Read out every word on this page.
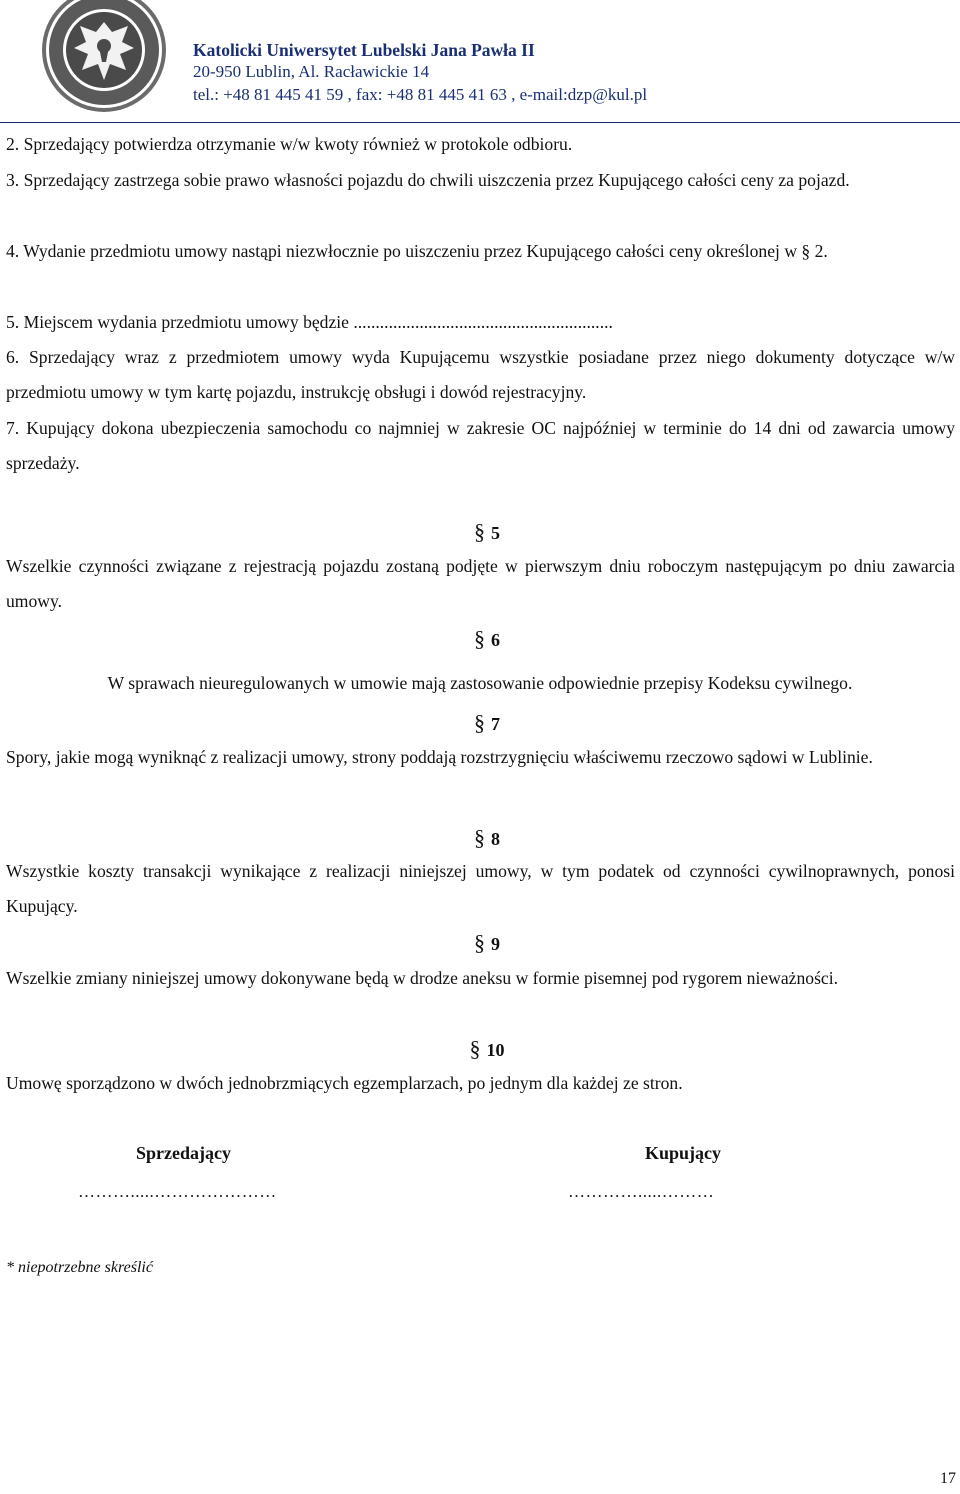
Katolicki Uniwersytet Lubelski Jana Pawła II
20-950 Lublin, Al. Racławickie 14
tel.: +48 81 445 41 59 , fax: +48 81 445 41 63 , e-mail:dzp@kul.pl
2. Sprzedający potwierdza otrzymanie w/w kwoty również w protokole odbioru.
3. Sprzedający zastrzega sobie prawo własności pojazdu do chwili uiszczenia przez Kupującego całości ceny za pojazd.
4. Wydanie przedmiotu umowy nastąpi niezwłocznie po uiszczeniu przez Kupującego całości ceny określonej w § 2.
5. Miejscem wydania przedmiotu umowy będzie ...........................................................
6. Sprzedający wraz z przedmiotem umowy wyda Kupującemu wszystkie posiadane przez niego dokumenty dotyczące w/w przedmiotu umowy w tym kartę pojazdu, instrukcję obsługi i dowód rejestracyjny.
7. Kupujący dokona ubezpieczenia samochodu co najmniej w zakresie OC najpóźniej w terminie do 14 dni od zawarcia umowy sprzedaży.
§ 5
Wszelkie czynności związane z rejestracją pojazdu zostaną podjęte w pierwszym dniu roboczym następującym po dniu zawarcia umowy.
§ 6
W sprawach nieuregulowanych w umowie mają zastosowanie odpowiednie przepisy Kodeksu cywilnego.
§ 7
Spory, jakie mogą wyniknąć z realizacji umowy, strony poddają rozstrzygnięciu właściwemu rzeczowo sądowi w Lublinie.
§ 8
Wszystkie koszty transakcji wynikające z realizacji niniejszej umowy, w tym podatek od czynności cywilnoprawnych, ponosi Kupujący.
§ 9
Wszelkie zmiany niniejszej umowy dokonywane będą w drodze aneksu w formie pisemnej pod rygorem nieważności.
§ 10
Umowę sporządzono w dwóch jednobrzmiących egzemplarzach, po jednym dla każdej ze stron.
Sprzedający	Kupujący
……….....…………………	………….....………
* niepotrzebne skreślić
17
